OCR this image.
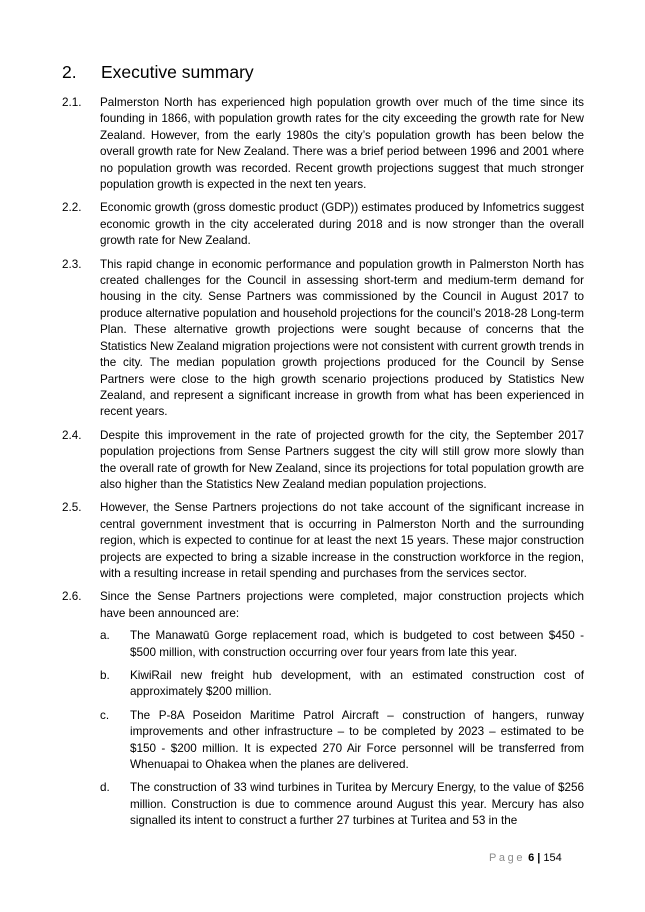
2. Executive summary
2.1. Palmerston North has experienced high population growth over much of the time since its founding in 1866, with population growth rates for the city exceeding the growth rate for New Zealand. However, from the early 1980s the city’s population growth has been below the overall growth rate for New Zealand. There was a brief period between 1996 and 2001 where no population growth was recorded. Recent growth projections suggest that much stronger population growth is expected in the next ten years.
2.2. Economic growth (gross domestic product (GDP)) estimates produced by Infometrics suggest economic growth in the city accelerated during 2018 and is now stronger than the overall growth rate for New Zealand.
2.3. This rapid change in economic performance and population growth in Palmerston North has created challenges for the Council in assessing short-term and medium-term demand for housing in the city. Sense Partners was commissioned by the Council in August 2017 to produce alternative population and household projections for the council’s 2018-28 Long-term Plan. These alternative growth projections were sought because of concerns that the Statistics New Zealand migration projections were not consistent with current growth trends in the city. The median population growth projections produced for the Council by Sense Partners were close to the high growth scenario projections produced by Statistics New Zealand, and represent a significant increase in growth from what has been experienced in recent years.
2.4. Despite this improvement in the rate of projected growth for the city, the September 2017 population projections from Sense Partners suggest the city will still grow more slowly than the overall rate of growth for New Zealand, since its projections for total population growth are also higher than the Statistics New Zealand median population projections.
2.5. However, the Sense Partners projections do not take account of the significant increase in central government investment that is occurring in Palmerston North and the surrounding region, which is expected to continue for at least the next 15 years. These major construction projects are expected to bring a sizable increase in the construction workforce in the region, with a resulting increase in retail spending and purchases from the services sector.
2.6. Since the Sense Partners projections were completed, major construction projects which have been announced are:
a. The Manawatū Gorge replacement road, which is budgeted to cost between $450 - $500 million, with construction occurring over four years from late this year.
b. KiwiRail new freight hub development, with an estimated construction cost of approximately $200 million.
c. The P-8A Poseidon Maritime Patrol Aircraft – construction of hangers, runway improvements and other infrastructure – to be completed by 2023 – estimated to be $150 - $200 million. It is expected 270 Air Force personnel will be transferred from Whenuapai to Ohakea when the planes are delivered.
d. The construction of 33 wind turbines in Turitea by Mercury Energy, to the value of $256 million. Construction is due to commence around August this year. Mercury has also signalled its intent to construct a further 27 turbines at Turitea and 53 in the
Page 6 | 154
